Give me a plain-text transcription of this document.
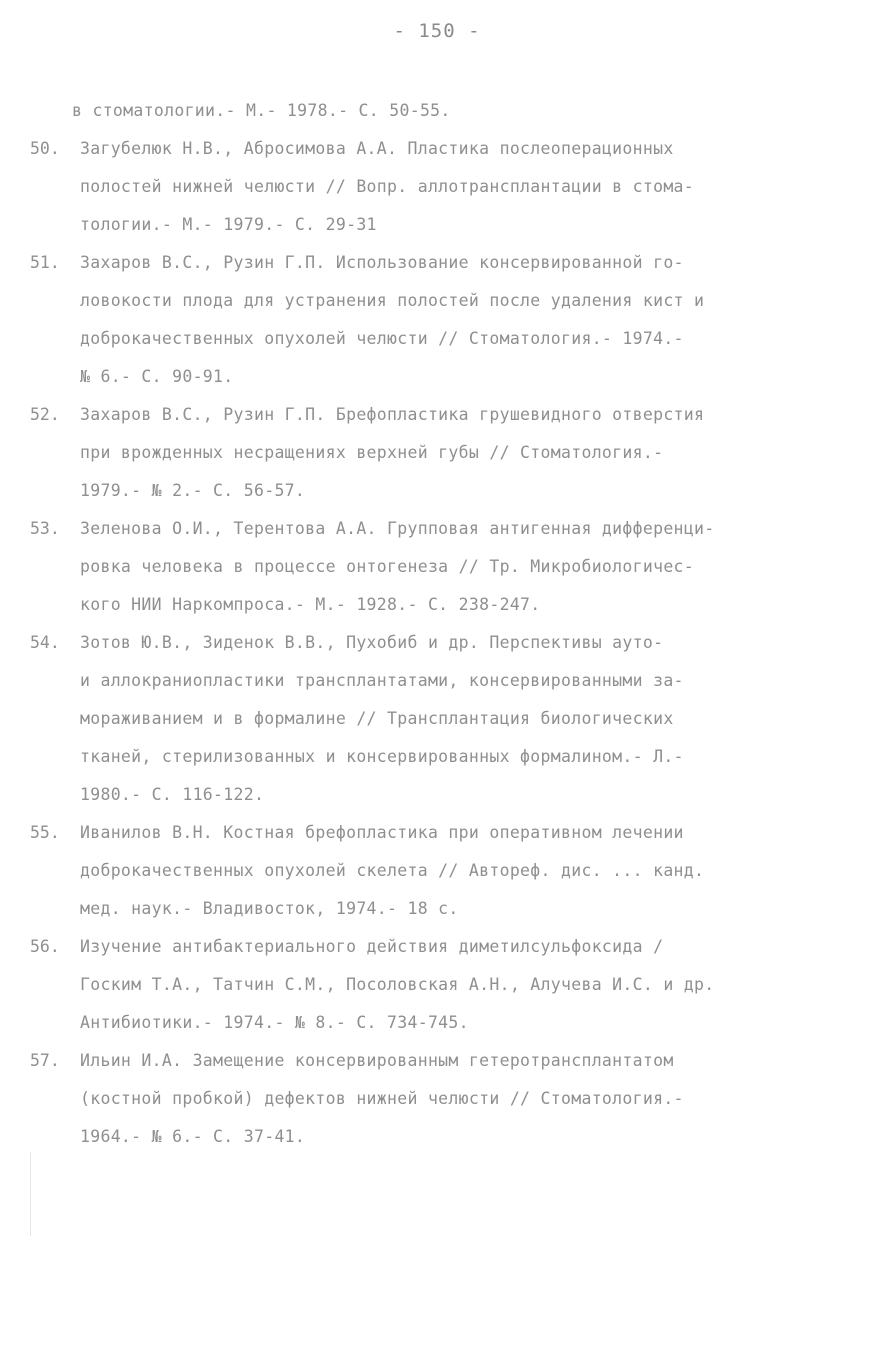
- 150 -
в стоматологии.- М.- 1978.- С. 50-55.
50.	Загубелюк Н.В., Абросимова А.А. Пластика послеоперационных
полостей нижней челюсти // Вопр. аллотрансплантации в стома-
тологии.- М.- 1979.- С. 29-31
51.	Захаров В.С., Рузин Г.П. Использование консервированной го-
ловокости плода для устранения полостей после удаления кист и
доброкачественных опухолей челюсти // Стоматология.- 1974.-
№ 6.- С. 90-91.
52.	Захаров В.С., Рузин Г.П. Брефопластика грушевидного отверстия
при врожденных несращениях верхней губы // Стоматология.-
1979.- № 2.- С. 56-57.
53.	Зеленова О.И., Терентова А.А. Групповая антигенная дифференци-
ровка человека в процессе онтогенеза // Тр. Микробиологичес-
кого НИИ Наркомпроса.- М.- 1928.- С. 238-247.
54.	Зотов Ю.В., Зиденок В.В., Пухобиб и др. Перспективы ауто-
и аллокраниопластики трансплантатами, консервированными за-
мораживанием и в формалине // Трансплантация биологических
тканей, стерилизованных и консервированных формалином.- Л.-
1980.- С. 116-122.
55.	Иванилов В.Н. Костная брефопластика при оперативном лечении
доброкачественных опухолей скелета // Автореф. дис. ... канд.
мед. наук.- Владивосток, 1974.- 18 с.
56.	Изучение антибактериального действия диметилсульфоксида /
Госким Т.А., Татчин С.М., Посоловская А.Н., Алучева И.С. и др.
Антибиотики.- 1974.- № 8.- С. 734-745.
57.	Ильин И.А. Замещение консервированным гетеротрансплантатом
(костной пробкой) дефектов нижней челюсти // Стоматология.-
1964.- № 6.- С. 37-41.
